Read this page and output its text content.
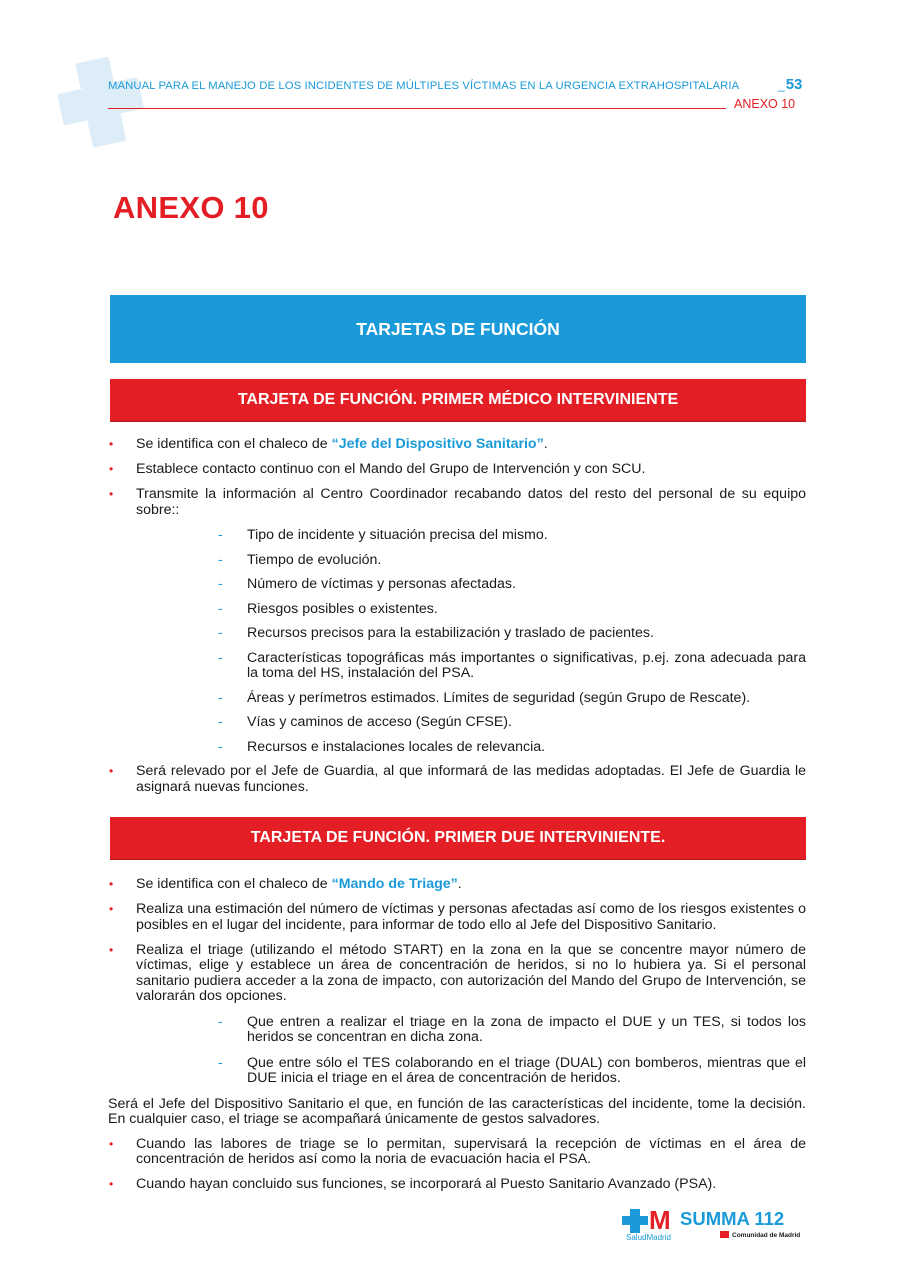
MANUAL PARA EL MANEJO DE LOS INCIDENTES DE MÚLTIPLES VÍCTIMAS EN LA URGENCIA EXTRAHOSPITALARIA
_	53
ANEXO 10
ANEXO 10
TARJETAS DE FUNCIÓN
TARJETA DE FUNCIÓN. PRIMER MÉDICO INTERVINIENTE
• Se identifica con el chaleco de “Jefe del Dispositivo Sanitario”.
• Establece contacto continuo con el Mando del Grupo de Intervención y con SCU.
• Transmite la información al Centro Coordinador recabando datos del resto del personal de su equipo sobre::
- Tipo de incidente y situación precisa del mismo.
- Tiempo de evolución.
- Número de víctimas y personas afectadas.
- Riesgos posibles o existentes.
- Recursos precisos para la estabilización y traslado de pacientes.
- Características topográficas más importantes o significativas, p.ej. zona adecuada para la toma del HS, instalación del PSA.
- Áreas y perímetros estimados. Límites de seguridad (según Grupo de Rescate).
- Vías y caminos de acceso (Según CFSE).
- Recursos e instalaciones locales de relevancia.
• Será relevado por el Jefe de Guardia, al que informará de las medidas adoptadas. El Jefe de Guardia le asignará nuevas funciones.
TARJETA DE FUNCIÓN. PRIMER DUE INTERVINIENTE.
• Se identifica con el chaleco de “Mando de Triage”.
• Realiza una estimación del número de víctimas y personas afectadas así como de los riesgos existentes o posibles en el lugar del incidente, para informar de todo ello al Jefe del Dispositivo Sanitario.
• Realiza el triage (utilizando el método START) en la zona en la que se concentre mayor número de víctimas, elige y establece un área de concentración de heridos, si no lo hubiera ya. Si el personal sanitario pudiera acceder a la zona de impacto, con autorización del Mando del Grupo de Intervención, se valorarán dos opciones.
- Que entren a realizar el triage en la zona de impacto el DUE y un TES, si todos los heridos se concentran en dicha zona.
- Que entre sólo el TES colaborando en el triage (DUAL) con bomberos, mientras que el DUE inicia el triage en el área de concentración de heridos.
Será el Jefe del Dispositivo Sanitario el que, en función de las características del incidente, tome la decisión. En cualquier caso, el triage se acompañará únicamente de gestos salvadores.
• Cuando las labores de triage se lo permitan, supervisará la recepción de víctimas en el área de concentración de heridos así como la noria de evacuación hacia el PSA.
• Cuando hayan concluido sus funciones, se incorporará al Puesto Sanitario Avanzado (PSA).
M
SaludMadrid
SUMMA 112
Comunidad de Madrid
